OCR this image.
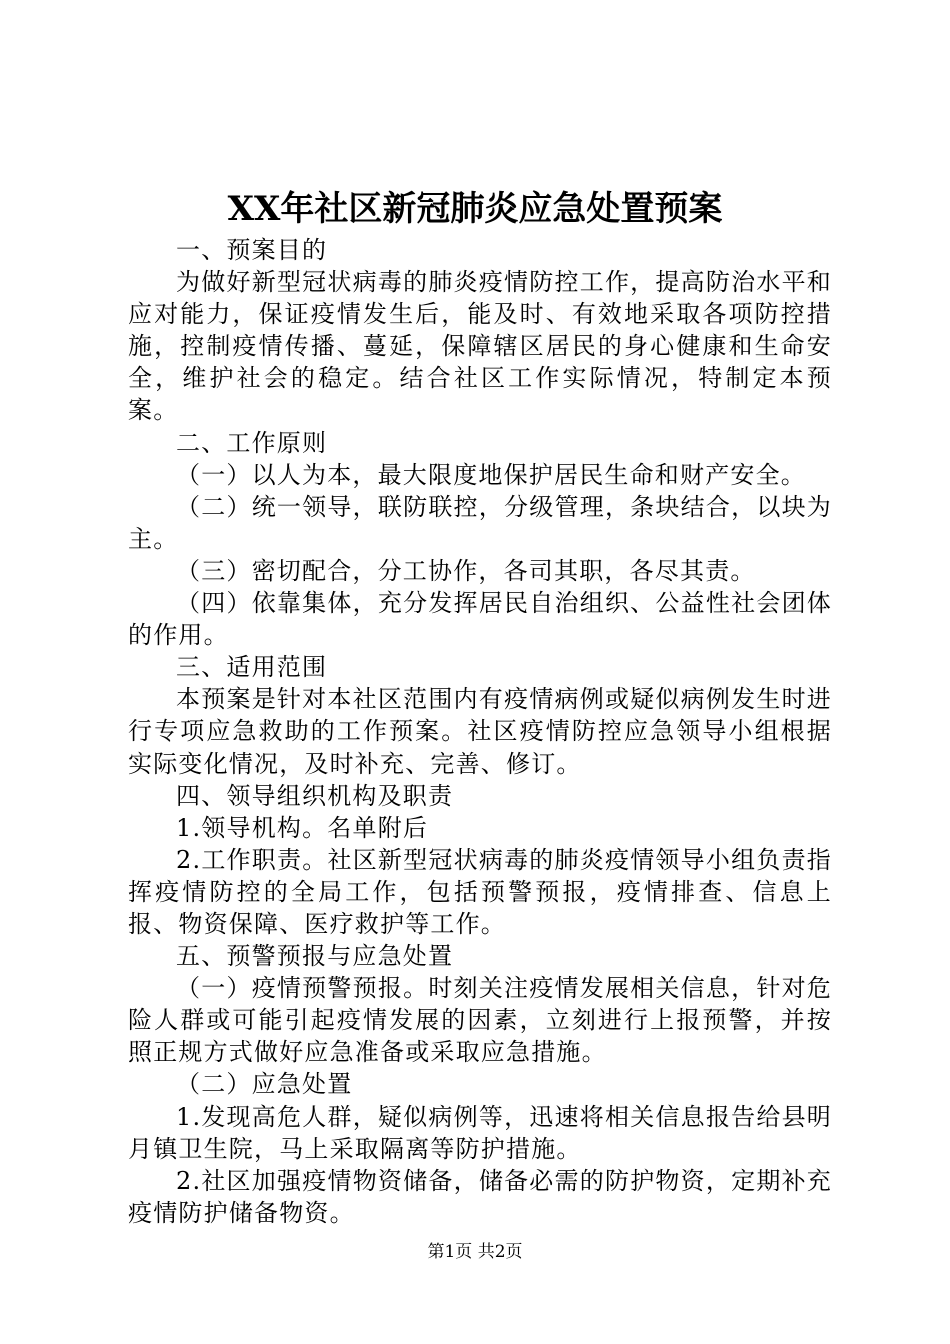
XX年社区新冠肺炎应急处置预案

一、预案目的

为做好新型冠状病毒的肺炎疫情防控工作，提高防治水平和应对能力，保证疫情发生后，能及时、有效地采取各项防控措施，控制疫情传播、蔓延，保障辖区居民的身心健康和生命安全，维护社会的稳定。结合社区工作实际情况，特制定本预案。

二、工作原则

（一）以人为本，最大限度地保护居民生命和财产安全。

（二）统一领导，联防联控，分级管理，条块结合，以块为主。

（三）密切配合，分工协作，各司其职，各尽其责。

（四）依靠集体，充分发挥居民自治组织、公益性社会团体的作用。

三、适用范围

本预案是针对本社区范围内有疫情病例或疑似病例发生时进行专项应急救助的工作预案。社区疫情防控应急领导小组根据实际变化情况，及时补充、完善、修订。

四、领导组织机构及职责

1.领导机构。名单附后

2.工作职责。社区新型冠状病毒的肺炎疫情领导小组负责指挥疫情防控的全局工作，包括预警预报，疫情排查、信息上报、物资保障、医疗救护等工作。

五、预警预报与应急处置

（一）疫情预警预报。时刻关注疫情发展相关信息，针对危险人群或可能引起疫情发展的因素，立刻进行上报预警，并按照正规方式做好应急准备或采取应急措施。

（二）应急处置

1.发现高危人群，疑似病例等，迅速将相关信息报告给县明月镇卫生院，马上采取隔离等防护措施。

2.社区加强疫情物资储备，储备必需的防护物资，定期补充疫情防护储备物资。

第1页 共2页
